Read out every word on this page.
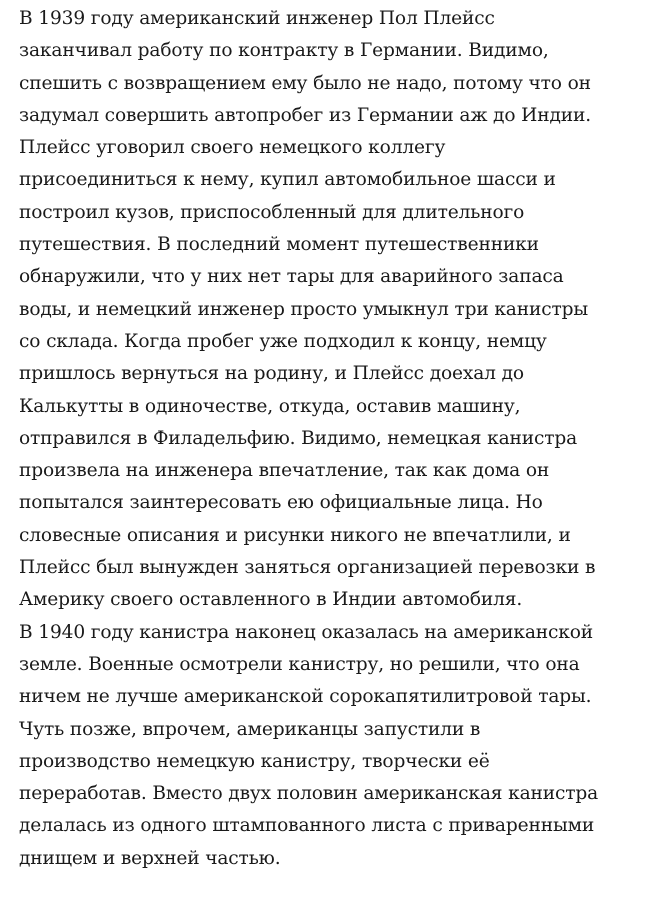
В 1939 году американский инженер Пол Плейсс
заканчивал работу по контракту в Германии. Видимо,
спешить с возвращением ему было не надо, потому что он
задумал совершить автопробег из Германии аж до Индии.
Плейсс уговорил своего немецкого коллегу
присоединиться к нему, купил автомобильное шасси и
построил кузов, приспособленный для длительного
путешествия. В последний момент путешественники
обнаружили, что у них нет тары для аварийного запаса
воды, и немецкий инженер просто умыкнул три канистры
со склада. Когда пробег уже подходил к концу, немцу
пришлось вернуться на родину, и Плейсс доехал до
Калькутты в одиночестве, откуда, оставив машину,
отправился в Филадельфию. Видимо, немецкая канистра
произвела на инженера впечатление, так как дома он
попытался заинтересовать ею официальные лица. Но
словесные описания и рисунки никого не впечатлили, и
Плейсс был вынужден заняться организацией перевозки в
Америку своего оставленного в Индии автомобиля.
В 1940 году канистра наконец оказалась на американской
земле. Военные осмотрели канистру, но решили, что она
ничем не лучше американской сорокапятилитровой тары.
Чуть позже, впрочем, американцы запустили в
производство немецкую канистру, творчески её
переработав. Вместо двух половин американская канистра
делалась из одного штампованного листа с приваренными
днищем и верхней частью.
